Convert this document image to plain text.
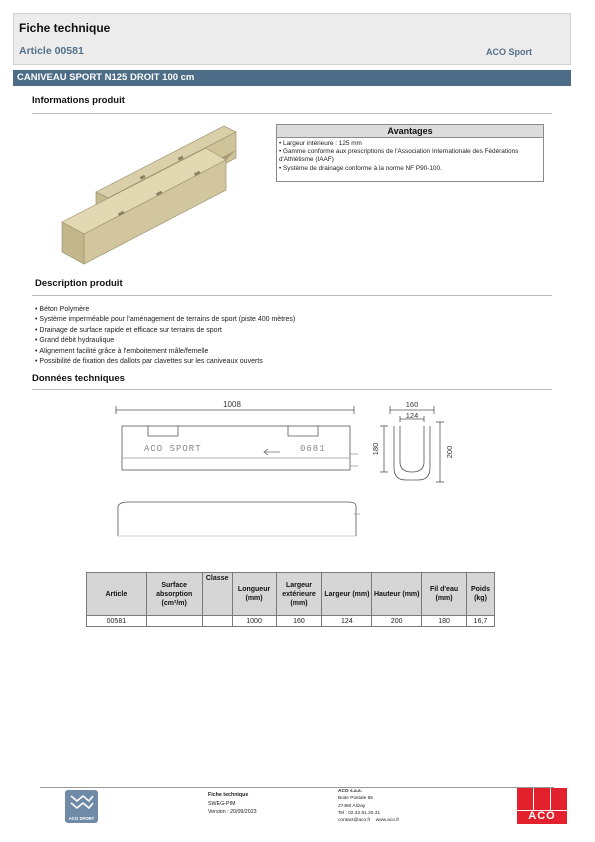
Fiche technique
Article 00581	ACO Sport
CANIVEAU SPORT N125 DROIT 100 cm
Informations produit
Avantages
• Largeur intérieure : 125 mm
• Gamme conforme aux prescriptions de l'Association Internationale des Fédérations d'Athlétisme (IAAF)
• Système de drainage conforme à la norme NF P90-100.
Description produit
• Béton Polymère
• Système imperméable pour l'aménagement de terrains de sport (piste 400 mètres)
• Drainage de surface rapide et efficace sur terrains de sport
• Grand débit hydraulique
• Alignement facilité grâce à l'emboitement mâle/femelle
• Possibilité de fixation des dallots par clavettes sur les caniveaux ouverts
Données techniques
1008
ACO SPORT	0681
160
124
180	200
Article	Surface absorption (cm²/m)	Classe	Longueur (mm)	Largeur extérieure (mm)	Largeur (mm)	Hauteur (mm)	Fil d'eau (mm)	Poids (kg)
00581			1000	160	124	200	180	16,7
ACO SPORT
Fiche technique
SWEG-PIM
Version : 20/09/2023
ACO s.a.s.
Boite Postale 65
27460 Alizay
Tel : 02.32.51.20.31
contact@aco.fr www.aco.fr	ACO
